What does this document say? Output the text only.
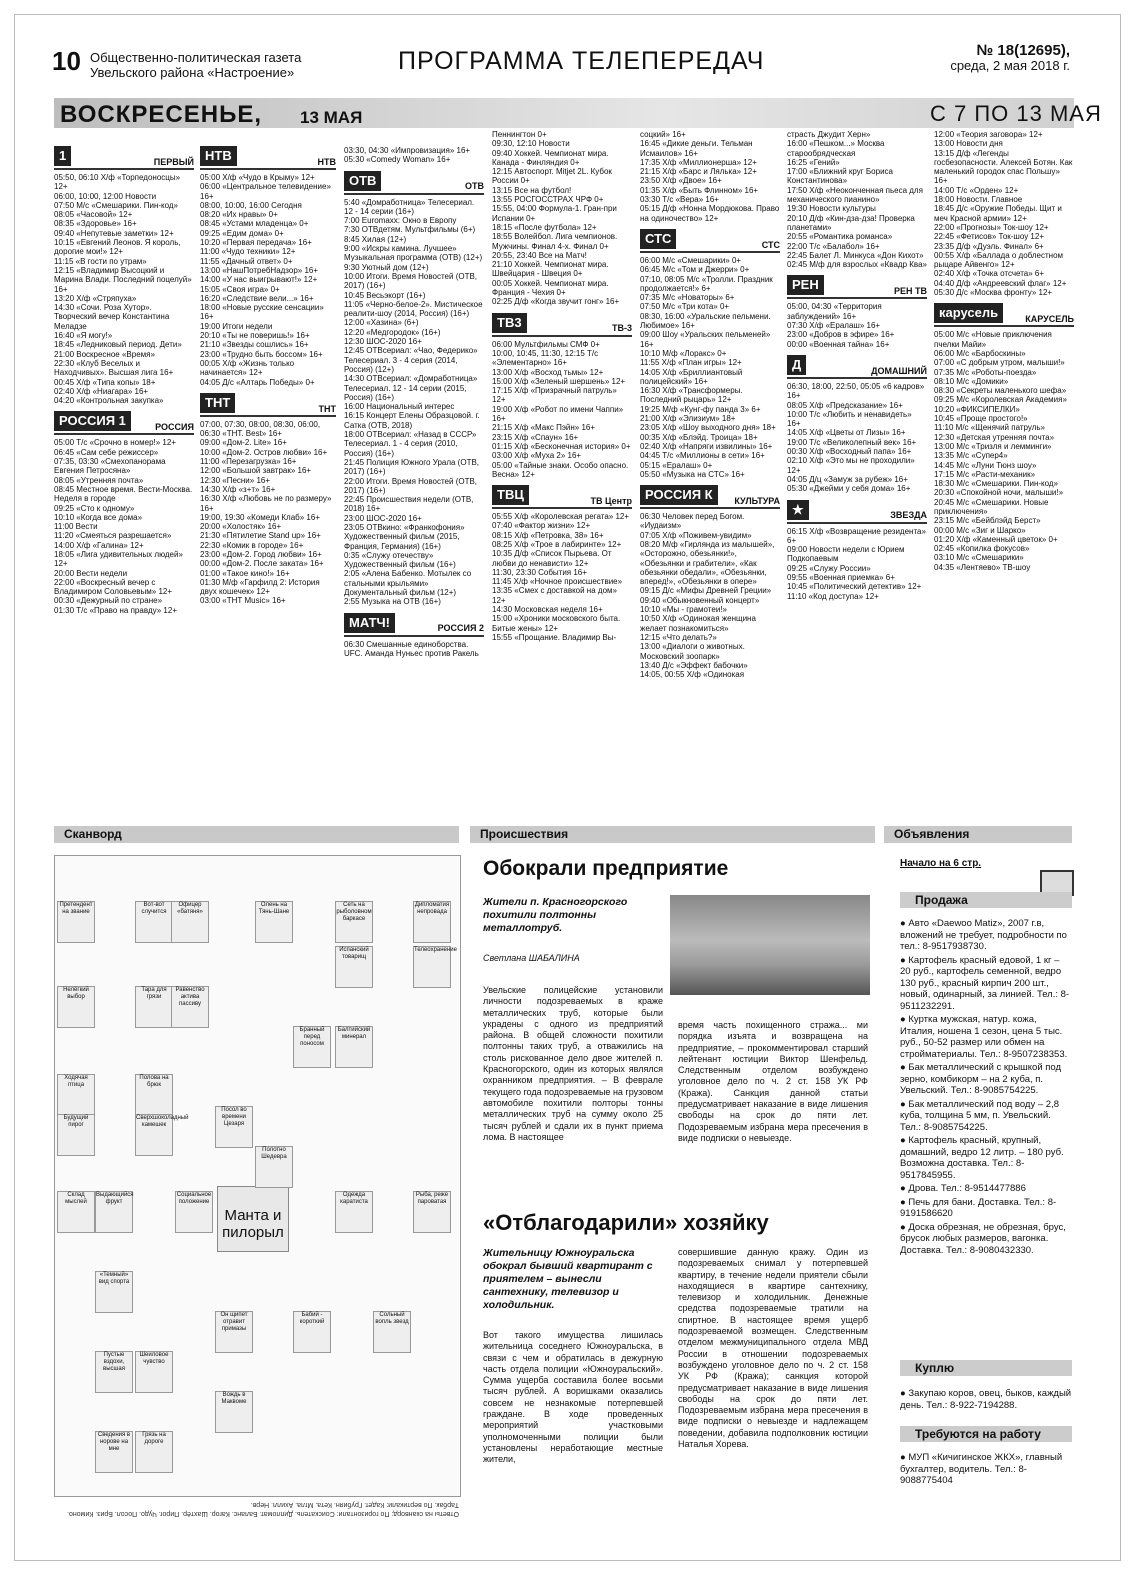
10 Общественно-политическая газета Увельского района «Настроение»	ПРОГРАММА ТЕЛЕПЕРЕДАЧ	№ 18(12695),
среда, 2 мая 2018 г.
ВОСКРЕСЕНЬЕ, 13 МАЯ	С 7 ПО 13 МАЯ
1	ПЕРВЫЙ
05:50, 06:10 Х/ф «Торпедоносцы» 12+
06:00, 10:00, 12:00 Новости
07:50 М/с «Смешарики. Пин-код»
08:05 «Часовой» 12+
08:35 «Здоровье» 16+
09:40 «Непутевые заметки» 12+
10:15 «Евгений Леонов. Я король, дорогие мои!» 12+
11:15 «В гости по утрам»
12:15 «Владимир Высоцкий и Марина Влади. Последний поцелуй» 16+
13:20 Х/ф «Стряпуха»
14:30 «Сочи. Роза Хутор». Творческий вечер Константина Меладзе
16:40 «Я могу!»
18:45 «Ледниковый период. Дети»
21:00 Воскресное «Время»
22:30 «Клуб Веселых и Находчивых». Высшая лига 16+
00:45 Х/ф «Типа копы» 18+
02:40 Х/ф «Ниагара» 16+
04:20 «Контрольная закупка»
РОССИЯ 1	РОССИЯ
05:00 Т/с «Срочно в номер!» 12+
06:45 «Сам себе режиссер»
07:35, 03:30 «Смехопанорама Евгения Петросяна»
08:05 «Утренняя почта»
08:45 Местное время. Вести-Москва. Неделя в городе
09:25 «Сто к одному»
10:10 «Когда все дома»
11:00 Вести
11:20 «Смеяться разрешается»
14:00 Х/ф «Галина» 12+
18:05 «Лига удивительных людей» 12+
20:00 Вести недели
22:00 «Воскресный вечер с Владимиром Соловьевым» 12+
00:30 «Дежурный по стране»
01:30 Т/с «Право на правду» 12+
НТВ	НТВ
05:00 Х/ф «Чудо в Крыму» 12+
06:00 «Центральное телевидение» 16+
08:00, 10:00, 16:00 Сегодня
08:20 «Их нравы» 0+
08:45 «Устами младенца» 0+
09:25 «Едим дома» 0+
10:20 «Первая передача» 16+
11:00 «Чудо техники» 12+
11:55 «Дачный ответ» 0+
13:00 «НашПотребНадзор» 16+
14:00 «У нас выигрывают!» 12+
15:05 «Своя игра» 0+
16:20 «Следствие вели...» 16+
18:00 «Новые русские сенсации» 16+
19:00 Итоги недели
20:10 «Ты не поверишь!» 16+
21:10 «Звезды сошлись» 16+
23:00 «Трудно быть боссом» 16+
00:05 Х/ф «Жизнь только начинается» 12+
04:05 Д/с «Алтарь Победы» 0+
ТНТ	ТНТ
07:00, 07:30, 08:00, 08:30, 06:00, 06:30 «ТНТ. Best» 16+
09:00 «Дом-2. Lite» 16+
10:00 «Дом-2. Остров любви» 16+
11:00 «Перезагрузка» 16+
12:00 «Большой завтрак» 16+
12:30 «Песни» 16+
14:30 Х/ф «з+т» 16+
16:30 Х/ф «Любовь не по размеру» 16+
19:00, 19:30 «Комеди Клаб» 16+
20:00 «Холостяк» 16+
21:30 «Пятилетие Stand up» 16+
22:30 «Комик в городе» 16+
23:00 «Дом-2. Город любви» 16+
00:00 «Дом-2. После заката» 16+
01:00 «Такое кино!» 16+
01:30 М/ф «Гарфилд 2: История двух кошечек» 12+
03:00 «ТНТ Music» 16+
03:30, 04:30 «Импровизация» 16+
05:30 «Comedy Woman» 16+
ОТВ	ОТВ
5:40 «Домработница» Телесериал. 12 - 14 серии (16+)
7:00 Euromaxx: Окно в Европу
7:30 ОТВдетям. Мультфильмы (6+)
8:45 Хилая (12+)
9:00 «Искры камина. Лучшее» Музыкальная программа (ОТВ) (12+)
9:30 Уютный дом (12+)
10:00 Итоги. Время Новостей (ОТВ, 2017) (16+)
10:45 Весьэкорт (16+)
11:05 «Черно-белое-2». Мистическое реалити-шоу (2014, Россия) (16+)
12:00 «Хазина» (6+)
12:20 «Медгородок» (16+)
12:30 ШОС-2020 16+
12:45 ОТВсериал: «Чао, Федерико» Телесериал. 3 - 4 серия (2014, Россия) (12+)
14:30 ОТВсериал: «Домработница» Телесериал. 12 - 14 серии (2015, Россия) (16+)
16:00 Национальный интерес
16:15 Концерт Елены Образцовой. г. Сатка (ОТВ, 2018)
18:00 ОТВсериал: «Назад в СССР» Телесериал. 1 - 4 серия (2010, Россия) (16+)
21:45 Полиция Южного Урала (ОТВ, 2017) (16+)
22:00 Итоги. Время Новостей (ОТВ, 2017) (16+)
22:45 Происшествия недели (ОТВ, 2018) 16+
23:00 ШОС-2020 16+
23:05 ОТВкино: «Франкофония» Художественный фильм (2015, Франция, Германия) (16+)
0:35 «Служу отечеству» Художественный фильм (16+)
2:05 «Алена Бабенко. Мотылек со стальными крыльями» Документальный фильм (12+)
2:55 Музыка на ОТВ (16+)
МАТЧ!	РОССИЯ 2
06:30 Смешанные единоборства. UFC. Аманда Нуньес против Ракель
Пеннингтон 0+
09:30, 12:10 Новости
09:40 Хоккей. Чемпионат мира. Канада - Финляндия 0+
12:15 Автоспорт. Mitjet 2L. Кубок России 0+
13:15 Все на футбол!
13:55 РОСГОССТРАХ ЧРФ 0+
15:55, 04:00 Формула-1. Гран-при Испании 0+
18:15 «После футбола» 12+
18:55 Волейбол. Лига чемпионов. Мужчины. Финал 4-х. Финал 0+
20:55, 23:40 Все на Матч!
21:10 Хоккей. Чемпионат мира. Швейцария - Швеция 0+
00:05 Хоккей. Чемпионат мира. Франция - Чехия 0+
02:25 Д/ф «Когда звучит гонг» 16+
ТВ3	ТВ-3
06:00 Мультфильмы СМФ 0+
10:00, 10:45, 11:30, 12:15 Т/с «Элементарно» 16+
13:00 Х/ф «Восход тьмы» 12+
15:00 Х/ф «Зеленый шершень» 12+
17:15 Х/ф «Призрачный патруль» 12+
19:00 Х/ф «Робот по имени Чаппи» 16+
21:15 Х/ф «Макс Пэйн» 16+
23:15 Х/ф «Спаун» 16+
01:15 Х/ф «Бесконечная история» 0+
03:00 Х/ф «Муха 2» 16+
05:00 «Тайные знаки. Особо опасно. Весна» 12+
ТВЦ	ТВ Центр
05:55 Х/ф «Королевская регата» 12+
07:40 «Фактор жизни» 12+
08:15 Х/ф «Петровка, 38» 16+
08:25 Х/ф «Трое в лабиринте» 12+
10:35 Д/ф «Список Пырьева. От любви до ненависти» 12+
11:30, 23:30 События 16+
11:45 Х/ф «Ночное происшествие»
13:35 «Смех с доставкой на дом» 12+
14:30 Московская неделя 16+
15:00 «Хроники московского быта. Битые жены» 12+
15:55 «Прощание. Владимир Вы-
соцкий» 16+
16:45 «Дикие деньги. Тельман Исмаилов» 16+
17:35 Х/ф «Миллионерша» 12+
21:15 Х/ф «Барс и Лялька» 12+
23:50 Х/ф «Двое» 16+
01:35 Х/ф «Быть Флинном» 16+
03:30 Т/с «Вера» 16+
05:15 Д/ф «Нонна Мордюкова. Право на одиночество» 12+
СТС	СТС
06:00 М/с «Смешарики» 0+
06:45 М/с «Том и Джерри» 0+
07:10, 08:05 М/с «Тролли. Праздник продолжается!» 6+
07:35 М/с «Новаторы» 6+
07:50 М/с «Три кота» 0+
08:30, 16:00 «Уральские пельмени. Любимое» 16+
09:00 Шоу «Уральских пельменей» 16+
10:10 М/ф «Лоракс» 0+
11:55 Х/ф «План игры» 12+
14:05 Х/ф «Бриллиантовый полицейский» 16+
16:30 Х/ф «Трансформеры. Последний рыцарь» 12+
19:25 М/ф «Кунг-фу панда 3» 6+
21:00 Х/ф «Элизиум» 18+
23:05 Х/ф «Шоу выходного дня» 18+
00:35 Х/ф «Блэйд. Троица» 18+
02:40 Х/ф «Напряги извилины» 16+
04:45 Т/с «Миллионы в сети» 16+
05:15 «Ералаш» 0+
05:50 «Музыка на СТС» 16+
РОССИЯ К	КУЛЬТУРА
06:30 Человек перед Богом. «Иудаизм»
07:05 Х/ф «Поживем-увидим»
08:20 М/ф «Гирлянда из малышей», «Осторожно, обезьянки!», «Обезьянки и грабители», «Как обезьянки обедали», «Обезьянки, вперед!», «Обезьянки в опере»
09:15 Д/с «Мифы Древней Греции»
09:40 «Обыкновенный концерт»
10:10 «Мы - грамотеи!»
10:50 Х/ф «Одинокая женщина желает познакомиться»
12:15 «Что делать?»
13:00 «Диалоги о животных. Московский зоопарк»
13:40 Д/с «Эффект бабочки»
14:05, 00:55 Х/ф «Одинокая
страсть Джудит Херн»
16:00 «Пешком...» Москва старообрядческая
16:25 «Гений»
17:00 «Ближний круг Бориса Константинова»
17:50 Х/ф «Неоконченная пьеса для механического пианино»
19:30 Новости культуры
20:10 Д/ф «Кин-дза-дза! Проверка планетами»
20:55 «Романтика романса»
22:00 Т/с «Балабол» 16+
22:45 Балет Л. Минкуса «Дон Кихот»
02:45 М/ф для взрослых «Квадр Ква»
РЕН	РЕН ТВ
05:00, 04:30 «Территория заблуждений» 16+
07:30 Х/ф «Ералаш» 16+
23:00 «Добров в эфире» 16+
00:00 «Военная тайна» 16+
Д	ДОМАШНИЙ
06:30, 18:00, 22:50, 05:05 «6 кадров» 16+
08:05 Х/ф «Предсказание» 16+
10:00 Т/с «Любить и ненавидеть» 16+
14:05 Х/ф «Цветы от Лизы» 16+
19:00 Т/с «Великолепный век» 16+
00:30 Х/ф «Восходный папа» 16+
02:10 Х/ф «Это мы не проходили» 12+
04:05 Д/ц «Замуж за рубеж» 16+
05:30 «Джейми у себя дома» 16+
★	ЗВЕЗДА
06:15 Х/ф «Возвращение резидента» 6+
09:00 Новости недели с Юрием Подкопаевым
09:25 «Служу России»
09:55 «Военная приемка» 6+
10:45 «Политический детектив» 12+
11:10 «Код доступа» 12+
12:00 «Теория заговора» 12+
13:00 Новости дня
13:15 Д/ф «Легенды госбезопасности. Алексей Ботян. Как маленький городок спас Польшу» 16+
14:00 Т/с «Орден» 12+
18:00 Новости. Главное
18:45 Д/с «Оружие Победы. Щит и меч Красной армии» 12+
22:00 «Прогнозы» Ток-шоу 12+
22:45 «Фетисов» Ток-шоу 12+
23:35 Д/ф «Дуэль. Финал» 6+
00:55 Х/ф «Баллада о доблестном рыцаре Айвенго» 12+
02:40 Х/ф «Точка отсчета» 6+
04:40 Д/ф «Андреевский флаг» 12+
05:30 Д/с «Москва фронту» 12+
карусель	КАРУСЕЛЬ
05:00 М/с «Новые приключения пчелки Майи»
06:00 М/с «Барбоскины»
07:00 «С добрым утром, малыши!»
07:35 М/с «Роботы-поезда»
08:10 М/с «Домики»
08:30 «Секреты маленького шефа»
09:25 М/с «Королевская Академия»
10:20 «ФИКСИПЕЛКИ»
10:45 «Проще простого!»
11:10 М/с «Щенячий патруль»
12:30 «Детская утренняя почта»
13:00 М/с «Тризля и лемминги»
13:35 М/с «Супер4»
14:45 М/с «Луни Тюнз шоу»
17:15 М/с «Расти-механик»
18:30 М/с «Смешарики. Пин-код»
20:30 «Спокойной ночи, малыши!»
20:45 М/с «Смешарики. Новые приключения»
23:15 М/с «Бейблэйд Берст»
00:00 М/с «Зиг и Шарко»
01:20 Х/ф «Каменный цветок» 0+
02:45 «Копилка фокусов»
03:10 М/с «Смешарики»
04:35 «Лентяево» ТВ-шоу
Сканворд
Манта и пилорыл
Претендент на звание
Вот-вот случится
Офицер «батяня»
Олень на Тянь-Шане
Сеть на рыболовном баркасе
Дипломатия непровада
Испанский товарищ
Телеохранение
Нелёгкий выбор
Тара для грязи
Равенство актива пассиву
Бранный перед поносом
Балтийский минерал
Ходячая птица
Полова на брюк
Будущий пирог
Сверхшоколадный камешек
Посол во времени Цезаря
Полотно Шедевра
Склад мыслей
Выдающийся фрукт
Социальное положение
Одежда каратиста
Рыба, реже пароватая
«Темный» вид спорта
Он щипет отравит примазы
Бабий - короткий
Сольный вопль звезд
Пустые вздохи, высшая
Шеиловое чувство
Вождь в Маквоме
Сведения в норове на мне
Грязь на дороге
Ответы на сканворд: По горизонтали: Соискатель. Дипломат. Баланс. Кагор. Шахтёр. Пирог. Чудо. Посол. Бриз. Кимоно. Тарбак. По вертикали: Кадет. Грубиян. Кета. Мгла. Ахилл. Нерв.
Происшествия
Обокрали предприятие
Жители п. Красногорского похитили полтонны металлотруб.
Светлана ШАБАЛИНА
Увельские полицейские установили личности подозреваемых в краже металлических труб, которые были украдены с одного из предприятий района. В общей сложности похитили полтонны таких труб, а отважились на столь рискованное дело двое жителей п. Красногорского, один из которых являлся охранником предприятия. – В феврале текущего года подозреваемые на грузовом автомобиле похитили полторы тонны металлических труб на сумму около 25 тысяч рублей и сдали их в пункт приема лома. В настоящее
время часть похищенного стража... ми порядка изъята и возвращена на предприятие, – прокомментировал старший лейтенант юстиции Виктор Шенфельд. Следственным отделом возбуждено уголовное дело по ч. 2 ст. 158 УК РФ (Кража). Санкция данной статьи предусматривает наказание в виде лишения свободы на срок до пяти лет. Подозреваемым избрана мера пресечения в виде подписки о невыезде.
«Отблагодарили» хозяйку
Жительницу Южноуральска обокрал бывший квартирант с приятелем – вынесли сантехнику, телевизор и холодильник.
Вот такого имущества лишилась жительница соседнего Южноуральска, в связи с чем и обратилась в дежурную часть отдела полиции «Южноуральский». Сумма ущерба составила более восьми тысяч рублей. А воришками оказались совсем не незнакомые потерпевшей граждане. В ходе проведенных мероприятий участковыми уполномоченными полиции были установлены неработающие местные жители,
совершившие данную кражу. Один из подозреваемых снимал у потерпевшей квартиру, в течение недели приятели сбыли находящиеся в квартире сантехнику, телевизор и холодильник. Денежные средства подозреваемые тратили на спиртное. В настоящее время ущерб подозреваемой возмещен. Следственным отделом межмуниципального отдела МВД России в отношении подозреваемых возбуждено уголовное дело по ч. 2 ст. 158 УК РФ (Кража); санкция которой предусматривает наказание в виде лишения свободы на срок до пяти лет. Подозреваемым избрана мера пресечения в виде подписки о невыезде и надлежащем поведении, добавила подполковник юстиции Наталья Хорева.
Объявления
Начало на 6 стр.
Продажа
● Авто «Daewoo Matiz», 2007 г.в, вложений не требует, подробности по тел.: 8-9517938730.
● Картофель красный едовой, 1 кг – 20 руб., картофель семенной, ведро 130 руб., красный кирпич 200 шт., новый, одинарный, за линией. Тел.: 8-9511232291.
● Куртка мужская, натур. кожа, Италия, ношена 1 сезон, цена 5 тыс. руб., 50-52 размер или обмен на стройматериалы. Тел.: 8-9507238353.
● Бак металлический с крышкой под зерно, комбикорм – на 2 куба, п. Увельский. Тел.: 8-9085754225.
● Бак металлический под воду – 2,8 куба, толщина 5 мм, п. Увельский. Тел.: 8-9085754225.
● Картофель красный, крупный, домашний, ведро 12 литр. – 180 руб. Возможна доставка. Тел.: 8-9517845955.
● Дрова. Тел.: 8-9514477886
● Печь для бани. Доставка. Тел.: 8-9191586620
● Доска обрезная, не обрезная, брус, брусок любых размеров, вагонка. Доставка. Тел.: 8-9080432330.
Куплю
● Закупаю коров, овец, быков, каждый день. Тел.: 8-922-7194288.
Требуются на работу
● МУП «Кичигинское ЖКХ», главный бухгалтер, водитель. Тел.: 8-9088775404
